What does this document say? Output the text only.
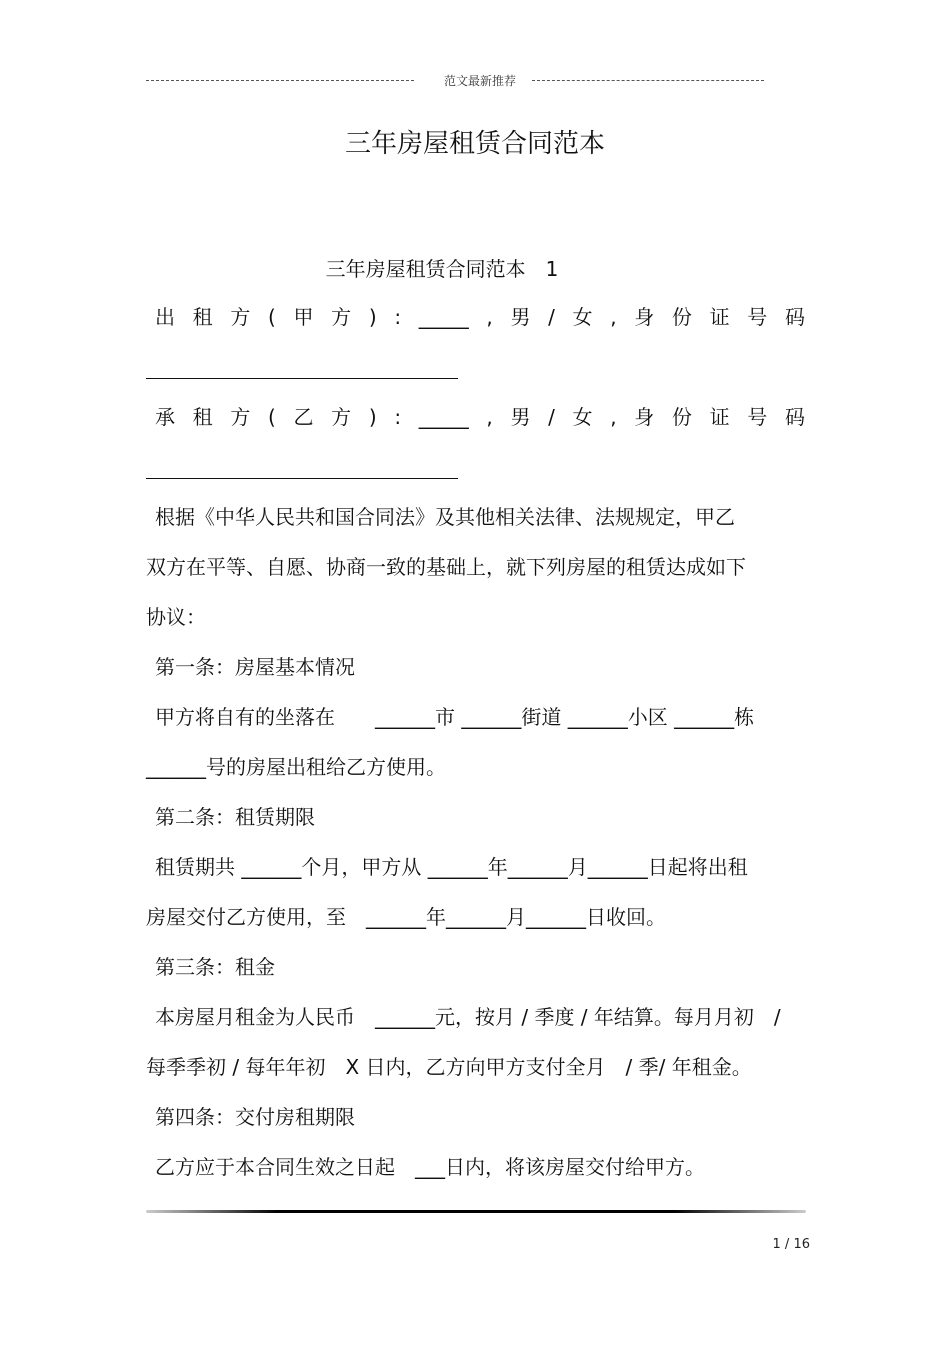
范文最新推荐
三年房屋租赁合同范本
三年房屋租赁合同范本　1
出 租 方 ( 甲 方 ) : _____ , 男 / 女 , 身 份 证 号 码
承 租 方 ( 乙 方 ) : _____ , 男 / 女 , 身 份 证 号 码
根据《中华人民共和国合同法》及其他相关法律、法规规定，甲乙
双方在平等、自愿、协商一致的基础上，就下列房屋的租赁达成如下
协议：
第一条：房屋基本情况
甲方将自有的坐落在　　______市 ______街道 ______小区 ______栋
______号的房屋出租给乙方使用。
第二条：租赁期限
租赁期共 ______个月，甲方从 ______年______月______日起将出租
房屋交付乙方使用，至　______年______月______日收回。
第三条：租金
本房屋月租金为人民币　______元，按月 / 季度 / 年结算。每月月初　/
每季季初 / 每年年初　X 日内，乙方向甲方支付全月　/ 季/ 年租金。
第四条：交付房租期限
乙方应于本合同生效之日起　___日内，将该房屋交付给甲方。
1 / 16
